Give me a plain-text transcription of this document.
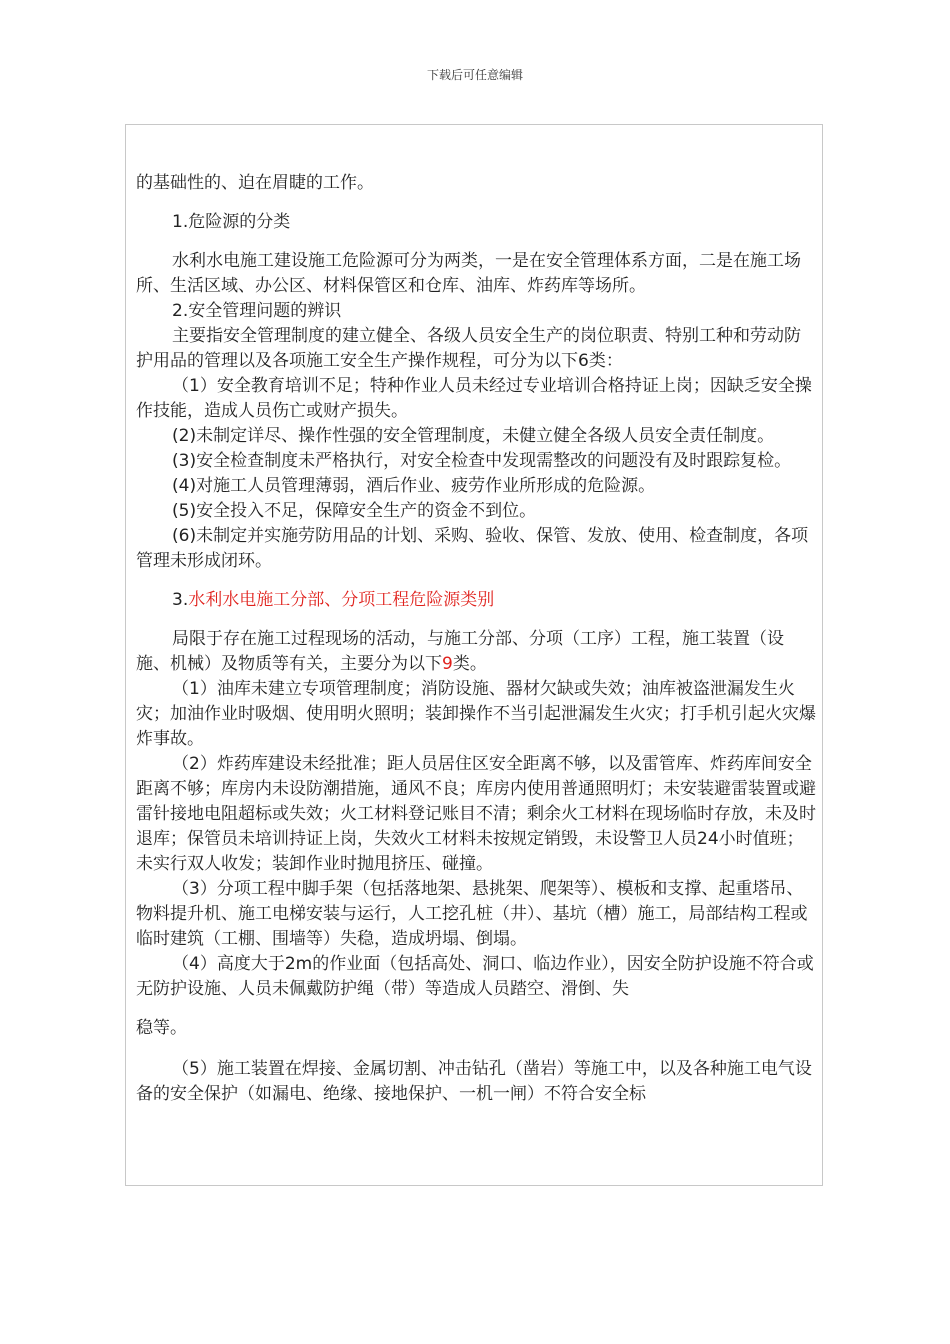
下载后可任意编辑

的基础性的、迫在眉睫的工作。

1.危险源的分类

水利水电施工建设施工危险源可分为两类，一是在安全管理体系方面，二是在施工场所、生活区域、办公区、材料保管区和仓库、油库、炸药库等场所。

2.安全管理问题的辨识

主要指安全管理制度的建立健全、各级人员安全生产的岗位职责、特别工种和劳动防护用品的管理以及各项施工安全生产操作规程，可分为以下6类：

（1）安全教育培训不足；特种作业人员未经过专业培训合格持证上岗；因缺乏安全操作技能，造成人员伤亡或财产损失。

(2)未制定详尽、操作性强的安全管理制度，未健立健全各级人员安全责任制度。

(3)安全检查制度未严格执行，对安全检查中发现需整改的问题没有及时跟踪复检。

(4)对施工人员管理薄弱，酒后作业、疲劳作业所形成的危险源。

(5)安全投入不足，保障安全生产的资金不到位。

(6)未制定并实施劳防用品的计划、采购、验收、保管、发放、使用、检查制度，各项管理未形成闭环。

3.水利水电施工分部、分项工程危险源类别

局限于存在施工过程现场的活动，与施工分部、分项（工序）工程，施工装置（设施、机械）及物质等有关，主要分为以下9类。

（1）油库未建立专项管理制度；消防设施、器材欠缺或失效；油库被盗泄漏发生火灾；加油作业时吸烟、使用明火照明；装卸操作不当引起泄漏发生火灾；打手机引起火灾爆炸事故。

（2）炸药库建设未经批准；距人员居住区安全距离不够，以及雷管库、炸药库间安全距离不够；库房内未设防潮措施，通风不良；库房内使用普通照明灯；未安装避雷装置或避雷针接地电阻超标或失效；火工材料登记账目不清；剩余火工材料在现场临时存放，未及时退库；保管员未培训持证上岗，失效火工材料未按规定销毁，未设警卫人员24小时值班；未实行双人收发；装卸作业时抛甩挤压、碰撞。

（3）分项工程中脚手架（包括落地架、悬挑架、爬架等）、模板和支撑、起重塔吊、物料提升机、施工电梯安装与运行，人工挖孔桩（井）、基坑（槽）施工，局部结构工程或临时建筑（工棚、围墙等）失稳，造成坍塌、倒塌。

（4）高度大于2m的作业面（包括高处、洞口、临边作业），因安全防护设施不符合或无防护设施、人员未佩戴防护绳（带）等造成人员踏空、滑倒、失

稳等。

（5）施工装置在焊接、金属切割、冲击钻孔（凿岩）等施工中，以及各种施工电气设备的安全保护（如漏电、绝缘、接地保护、一机一闸）不符合安全标
